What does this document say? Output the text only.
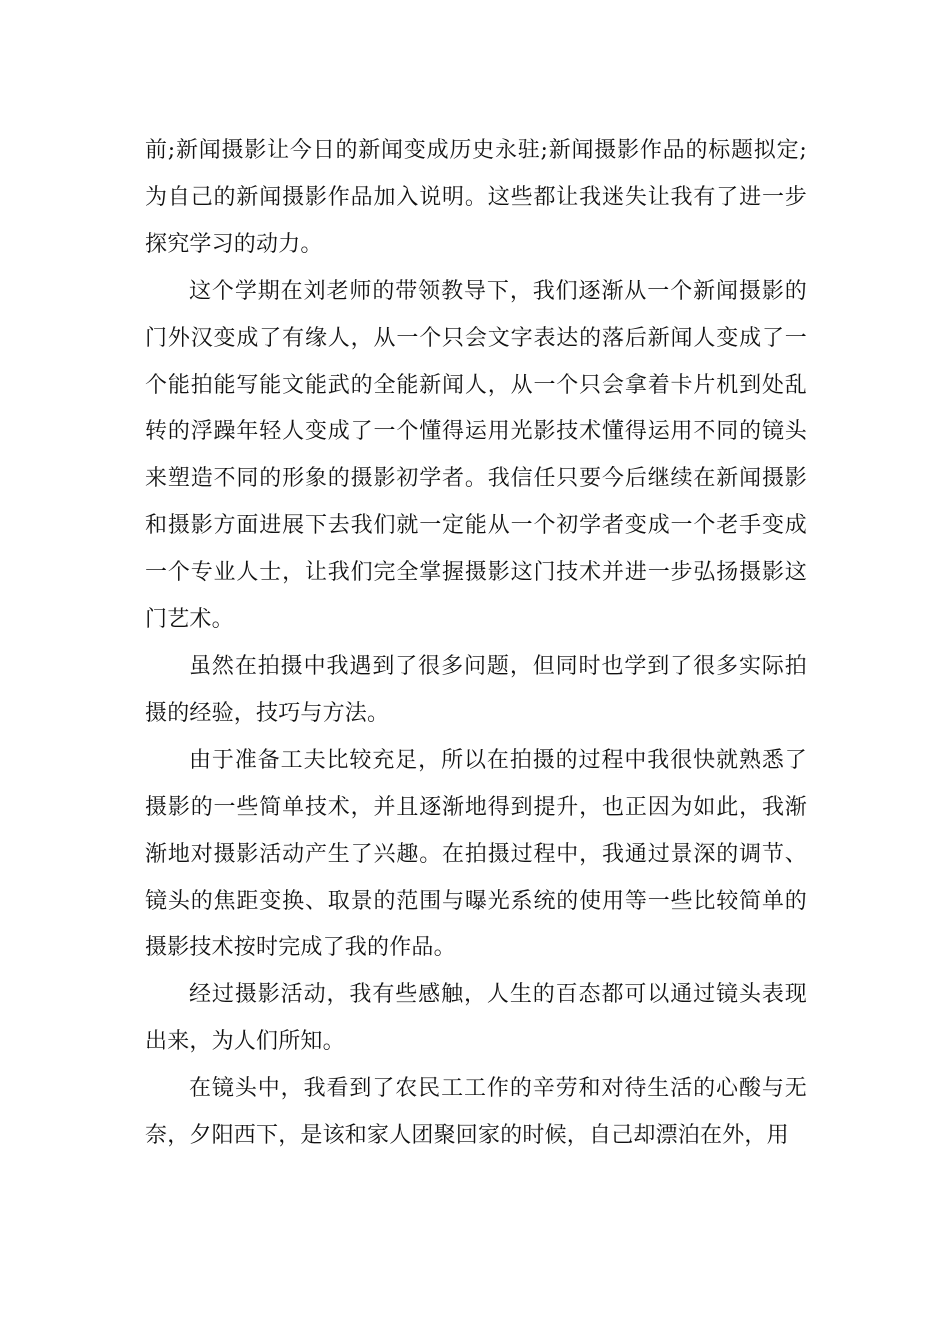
前;新闻摄影让今日的新闻变成历史永驻;新闻摄影作品的标题拟定;为自己的新闻摄影作品加入说明。这些都让我迷失让我有了进一步探究学习的动力。

这个学期在刘老师的带领教导下，我们逐渐从一个新闻摄影的门外汉变成了有缘人，从一个只会文字表达的落后新闻人变成了一个能拍能写能文能武的全能新闻人，从一个只会拿着卡片机到处乱转的浮躁年轻人变成了一个懂得运用光影技术懂得运用不同的镜头来塑造不同的形象的摄影初学者。我信任只要今后继续在新闻摄影和摄影方面进展下去我们就一定能从一个初学者变成一个老手变成一个专业人士，让我们完全掌握摄影这门技术并进一步弘扬摄影这门艺术。

虽然在拍摄中我遇到了很多问题，但同时也学到了很多实际拍摄的经验，技巧与方法。

由于准备工夫比较充足，所以在拍摄的过程中我很快就熟悉了摄影的一些简单技术，并且逐渐地得到提升，也正因为如此，我渐渐地对摄影活动产生了兴趣。在拍摄过程中，我通过景深的调节、镜头的焦距变换、取景的范围与曝光系统的使用等一些比较简单的摄影技术按时完成了我的作品。

经过摄影活动，我有些感触，人生的百态都可以通过镜头表现出来，为人们所知。

在镜头中，我看到了农民工工作的辛劳和对待生活的心酸与无奈，夕阳西下，是该和家人团聚回家的时候，自己却漂泊在外，用
